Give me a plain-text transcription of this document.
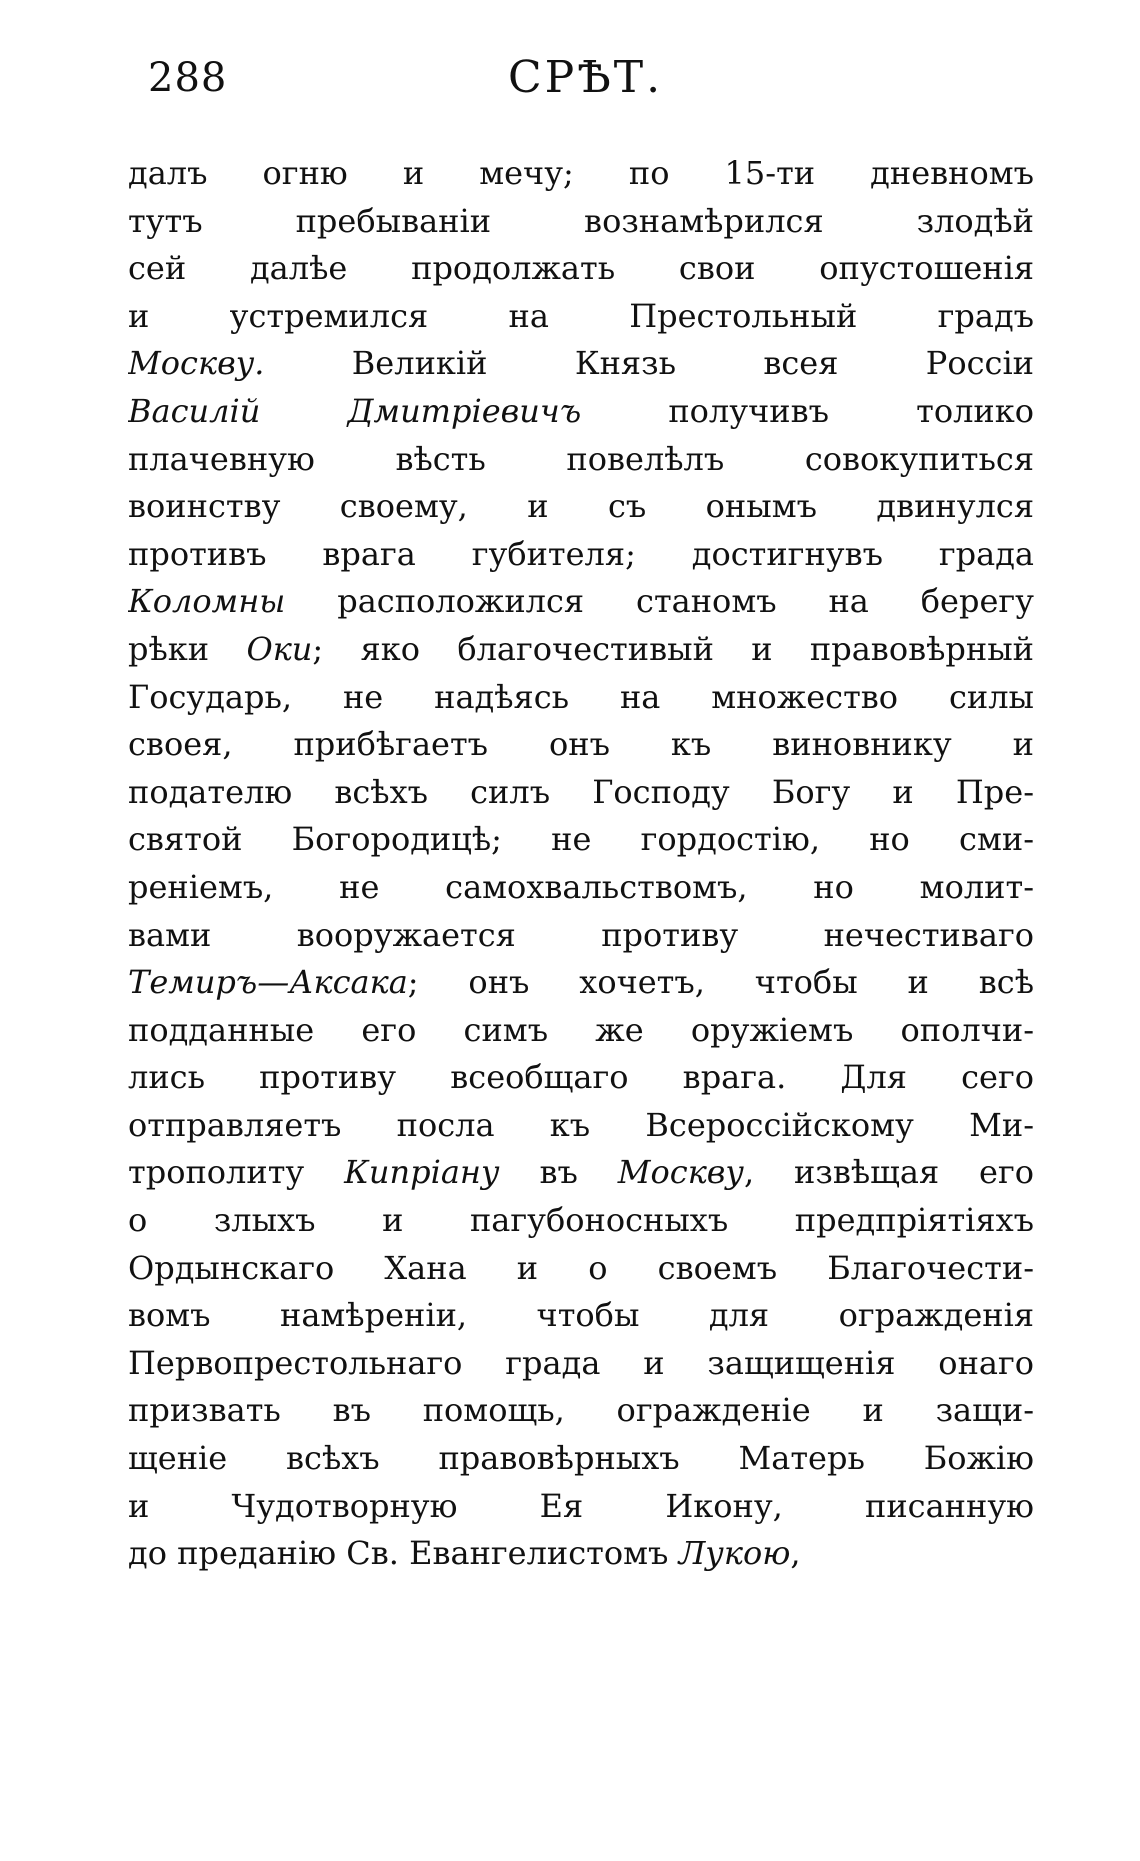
288	СРѢТ.
далъ огню и мечу; по 15-ти дневномъ
тутъ пребываніи вознамѣрился злодѣй
сей далѣе продолжать свои опустошенія
и устремился на Престольный градъ
Москву. Великій Князь всея Россіи
Василій Дмитріевичъ получивъ толико
плачевную вѣсть повелѣлъ совокупиться
воинству своему, и съ онымъ двинулся
противъ врага губителя; достигнувъ града
Коломны расположился станомъ на берегу
рѣки Оки; яко благочестивый и правовѣрный
Государь, не надѣясь на множество силы
своея, прибѣгаетъ онъ къ виновнику и
подателю всѣхъ силъ Господу Богу и Пре-
святой Богородицѣ; не гордостію, но сми-
реніемъ, не самохвальствомъ, но молит-
вами вооружается противу нечестиваго
Темиръ—Аксака; онъ хочетъ, чтобы и всѣ
подданные его симъ же оружіемъ ополчи-
лись противу всеобщаго врага. Для сего
отправляетъ посла къ Всероссійскому Ми-
трополиту Кипріану въ Москву, извѣщая его
о злыхъ и пагубоносныхъ предпріятіяхъ
Ордынскаго Хана и о своемъ Благочести-
вомъ намѣреніи, чтобы для огражденія
Первопрестольнаго града и защищенія онаго
призвать въ помощь, огражденіе и защи-
щеніе всѣхъ правовѣрныхъ Матерь Божію
и Чудотворную Ея Икону, писанную
до преданію Св. Евангелистомъ Лукою,
